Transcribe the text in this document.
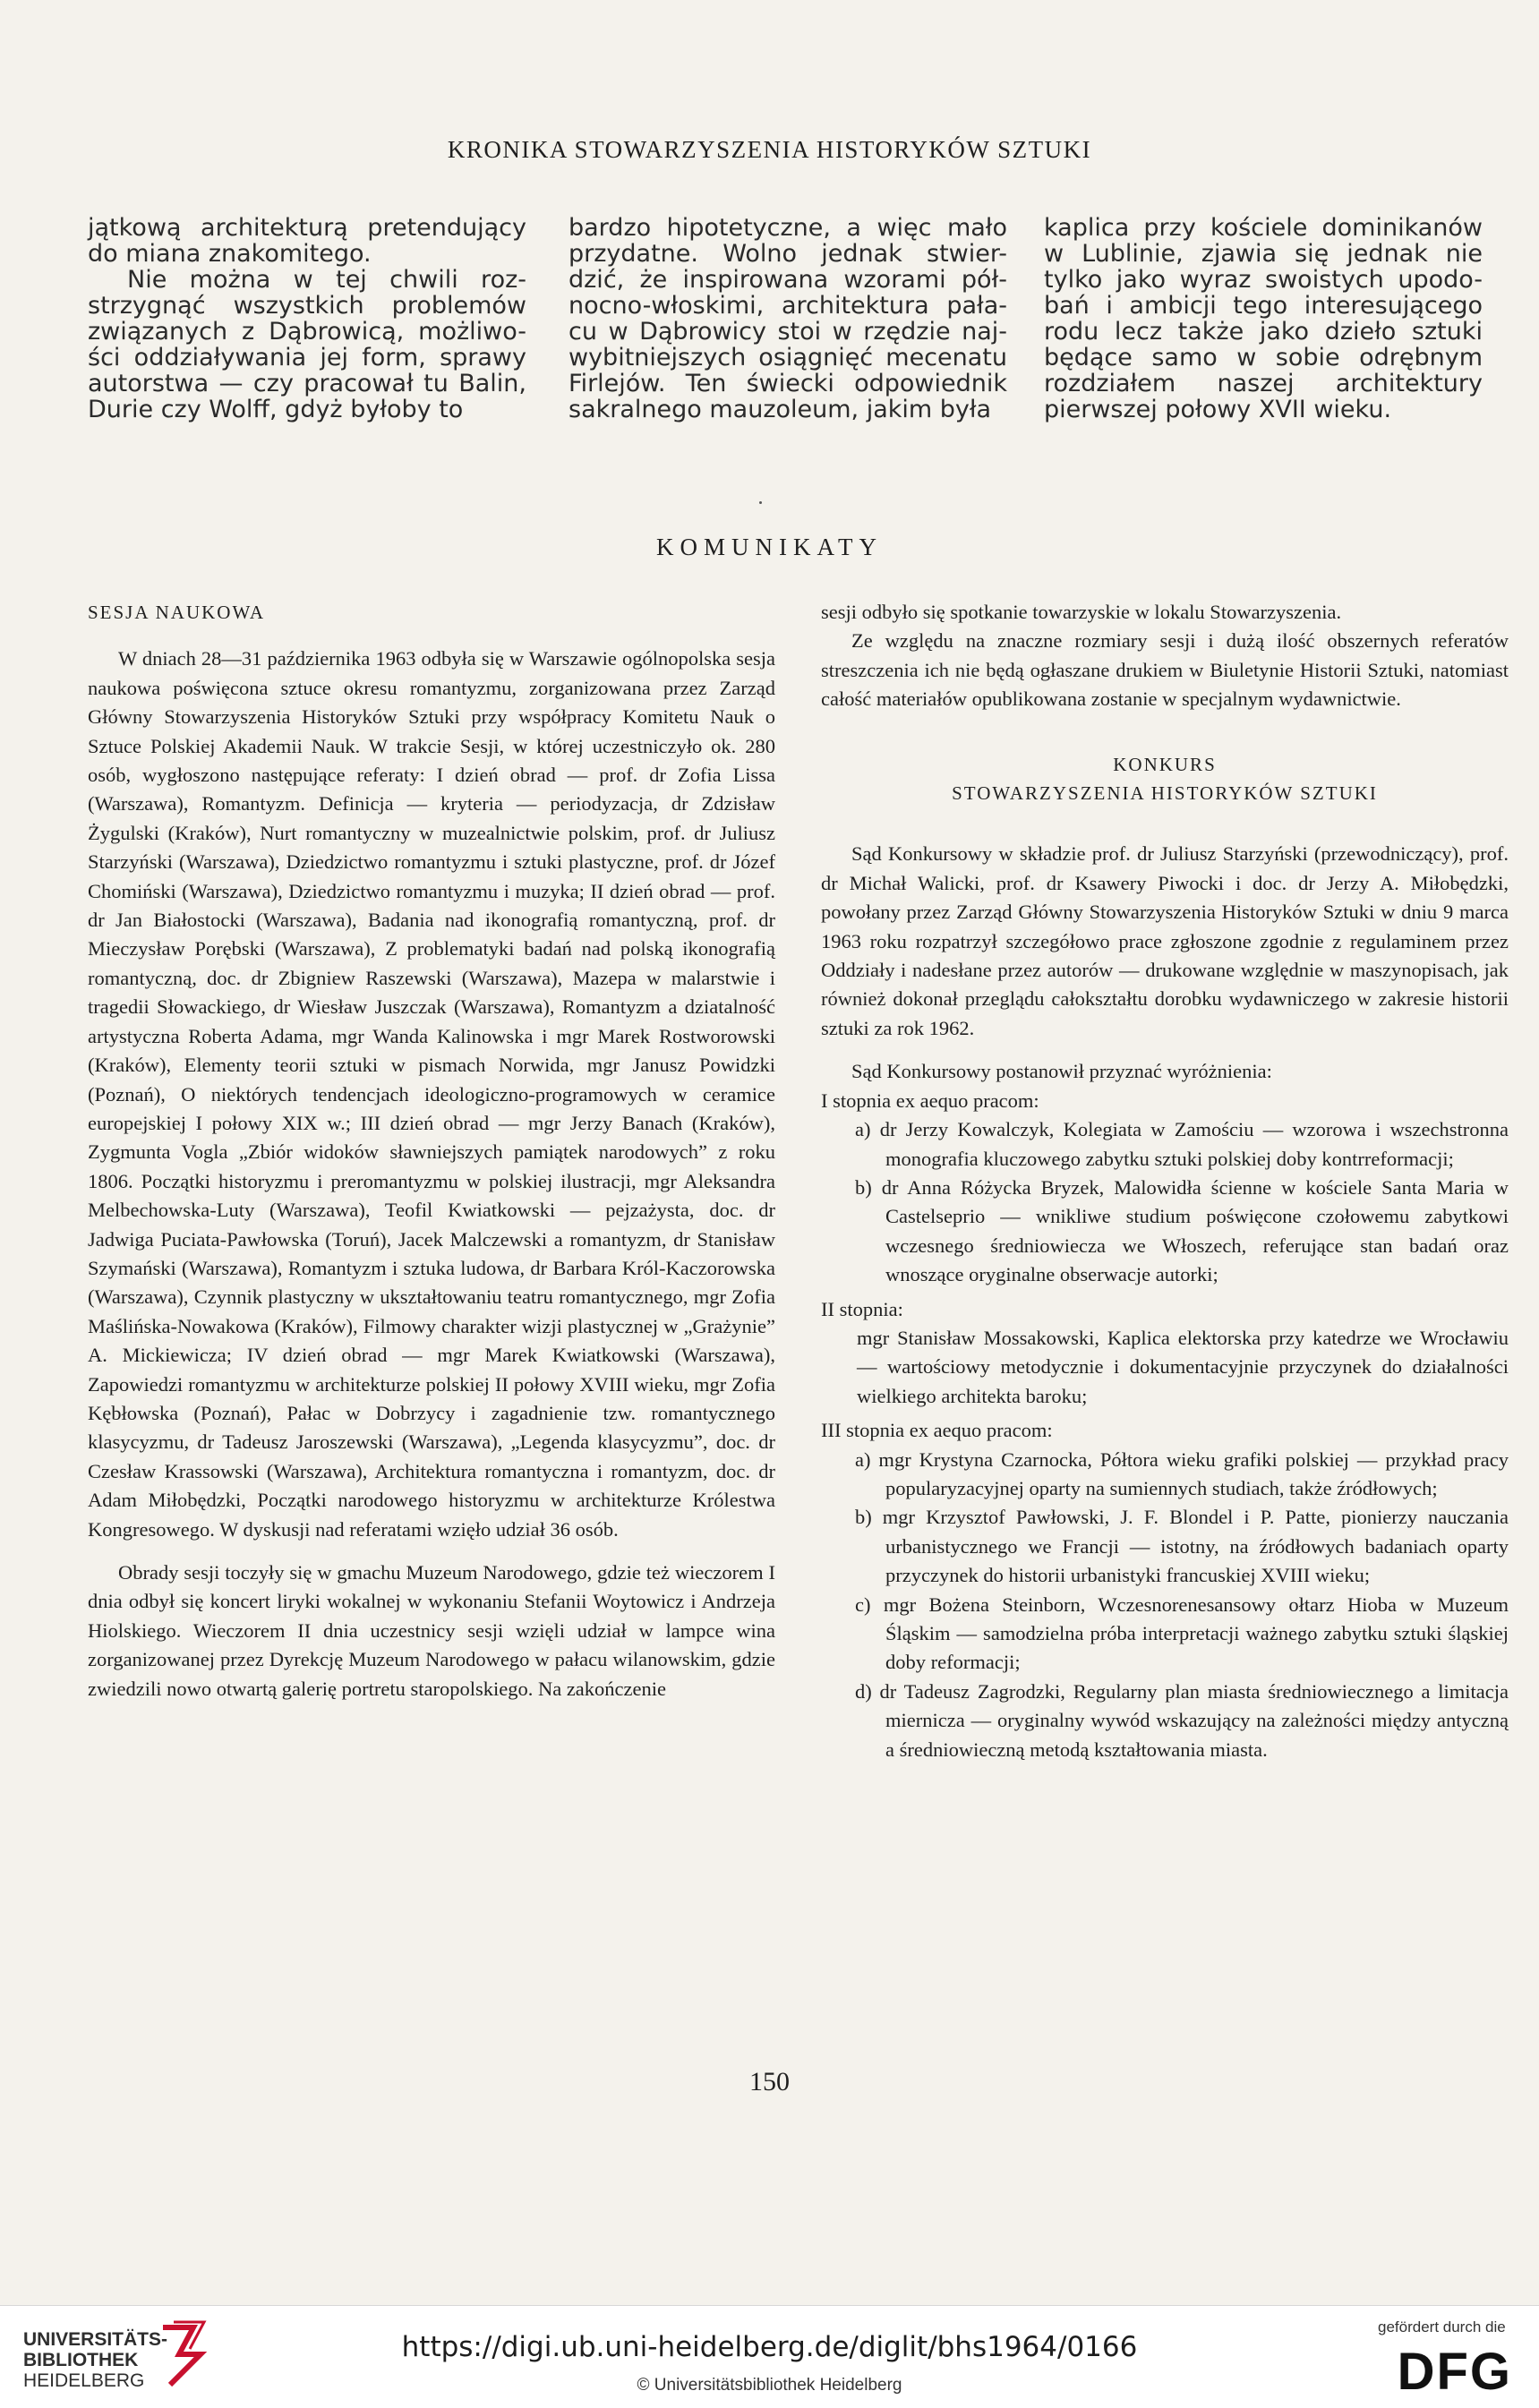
KRONIKA STOWARZYSZENIA HISTORYKÓW SZTUKI

jątkową architekturą pretendujący do miana znakomitego.

Nie można w tej chwili roz-strzygnąć wszystkich problemów związanych z Dąbrowicą, możliwo-ści oddziaływania jej form, sprawy autorstwa — czy pracował tu Balin, Durie czy Wolff, gdyż byłoby to

bardzo hipotetyczne, a więc mało przydatne. Wolno jednak stwier-dzić, że inspirowana wzorami pół-nocno-włoskimi, architektura pała-cu w Dąbrowicy stoi w rzędzie naj-wybitniejszych osiągnięć mecenatu Firlejów. Ten świecki odpowiednik sakralnego mauzoleum, jakim była

kaplica przy kościele dominikanów w Lublinie, zjawia się jednak nie tylko jako wyraz swoistych upodo-bań i ambicji tego interesującego rodu lecz także jako dzieło sztuki będące samo w sobie odrębnym rozdziałem naszej architektury pierwszej połowy XVII wieku.

KOMUNIKATY

SESJA NAUKOWA

W dniach 28—31 października 1963 odbyła się w Warszawie ogólnopolska sesja naukowa poświęcona sztuce okresu romantyzmu, zorganizowana przez Zarząd Główny Stowarzyszenia Historyków Sztuki przy współpracy Komitetu Nauk o Sztuce Polskiej Akademii Nauk. W trakcie Sesji, w której uczestniczyło ok. 280 osób, wygłoszono następujące referaty: I dzień obrad — prof. dr Zofia Lissa (Warszawa), Romantyzm. Definicja — kryteria — periodyzacja, dr Zdzisław Żygulski (Kraków), Nurt romantyczny w muzealnictwie polskim, prof. dr Juliusz Starzyński (Warszawa), Dziedzictwo romantyzmu i sztuki plastyczne, prof. dr Józef Chomiński (Warszawa), Dziedzictwo romantyzmu i muzyka; II dzień obrad — prof. dr Jan Białostocki (Warszawa), Badania nad ikonografią romantyczną, prof. dr Mieczysław Porębski (Warszawa), Z problematyki badań nad polską ikonografią romantyczną, doc. dr Zbigniew Raszewski (Warszawa), Mazepa w malarstwie i tragedii Słowackiego, dr Wiesław Juszczak (Warszawa), Romantyzm a dziatalność artystyczna Roberta Adama, mgr Wanda Kalinowska i mgr Marek Rostworowski (Kraków), Elementy teorii sztuki w pismach Norwida, mgr Janusz Powidzki (Poznań), O niektórych tendencjach ideologiczno-programowych w ceramice europejskiej I połowy XIX w.; III dzień obrad — mgr Jerzy Banach (Kraków), Zygmunta Vogla „Zbiór widoków sławniejszych pamiątek narodowych” z roku 1806. Początki historyzmu i preromantyzmu w polskiej ilustracji, mgr Aleksandra Melbechowska-Luty (Warszawa), Teofil Kwiatkowski — pejzażysta, doc. dr Jadwiga Puciata-Pawłowska (Toruń), Jacek Malczewski a romantyzm, dr Stanisław Szymański (Warszawa), Romantyzm i sztuka ludowa, dr Barbara Król-Kaczorowska (Warszawa), Czynnik plastyczny w ukształtowaniu teatru romantycznego, mgr Zofia Maślińska-Nowakowa (Kraków), Filmowy charakter wizji plastycznej w „Grażynie” A. Mickiewicza; IV dzień obrad — mgr Marek Kwiatkowski (Warszawa), Zapowiedzi romantyzmu w architekturze polskiej II połowy XVIII wieku, mgr Zofia Kębłowska (Poznań), Pałac w Dobrzycy i zagadnienie tzw. romantycznego klasycyzmu, dr Tadeusz Jaroszewski (Warszawa), „Legenda klasycyzmu”, doc. dr Czesław Krassowski (Warszawa), Architektura romantyczna i romantyzm, doc. dr Adam Miłobędzki, Początki narodowego historyzmu w architekturze Królestwa Kongresowego. W dyskusji nad referatami wzięło udział 36 osób.

Obrady sesji toczyły się w gmachu Muzeum Narodowego, gdzie też wieczorem I dnia odbył się koncert liryki wokalnej w wykonaniu Stefanii Woytowicz i Andrzeja Hiolskiego. Wieczorem II dnia uczestnicy sesji wzięli udział w lampce wina zorganizowanej przez Dyrekcję Muzeum Narodowego w pałacu wilanowskim, gdzie zwiedzili nowo otwartą galerię portretu staropolskiego. Na zakończenie

sesji odbyło się spotkanie towarzyskie w lokalu Stowarzyszenia.

Ze względu na znaczne rozmiary sesji i dużą ilość obszernych referatów streszczenia ich nie będą ogłaszane drukiem w Biuletynie Historii Sztuki, natomiast całość materiałów opublikowana zostanie w specjalnym wydawnictwie.

KONKURS

STOWARZYSZENIA HISTORYKÓW SZTUKI

Sąd Konkursowy w składzie prof. dr Juliusz Starzyński (przewodniczący), prof. dr Michał Walicki, prof. dr Ksawery Piwocki i doc. dr Jerzy A. Miłobędzki, powołany przez Zarząd Główny Stowarzyszenia Historyków Sztuki w dniu 9 marca 1963 roku rozpatrzył szczegółowo prace zgłoszone zgodnie z regulaminem przez Oddziały i nadesłane przez autorów — drukowane względnie w maszynopisach, jak również dokonał przeglądu całokształtu dorobku wydawniczego w zakresie historii sztuki za rok 1962.

Sąd Konkursowy postanowił przyznać wyróżnienia:

I stopnia ex aequo pracom:

a) dr Jerzy Kowalczyk, Kolegiata w Zamościu — wzorowa i wszechstronna monografia kluczowego zabytku sztuki polskiej doby kontrreformacji;

b) dr Anna Różycka Bryzek, Malowidła ścienne w kościele Santa Maria w Castelseprio — wnikliwe studium poświęcone czołowemu zabytkowi wczesnego średniowiecza we Włoszech, referujące stan badań oraz wnoszące oryginalne obserwacje autorki;

II stopnia:

mgr Stanisław Mossakowski, Kaplica elektorska przy katedrze we Wrocławiu — wartościowy metodycznie i dokumentacyjnie przyczynek do działalności wielkiego architekta baroku;

III stopnia ex aequo pracom:

a) mgr Krystyna Czarnocka, Półtora wieku grafiki polskiej — przykład pracy popularyzacyjnej oparty na sumiennych studiach, także źródłowych;

b) mgr Krzysztof Pawłowski, J. F. Blondel i P. Patte, pionierzy nauczania urbanistycznego we Francji — istotny, na źródłowych badaniach oparty przyczynek do historii urbanistyki francuskiej XVIII wieku;

c) mgr Bożena Steinborn, Wczesnorenesansowy ołtarz Hioba w Muzeum Śląskim — samodzielna próba interpretacji ważnego zabytku sztuki śląskiej doby reformacji;

d) dr Tadeusz Zagrodzki, Regularny plan miasta średniowiecznego a limitacja miernicza — oryginalny wywód wskazujący na zależności między antyczną a średniowieczną metodą kształtowania miasta.

150
UNIVERSITÄTS-
BIBLIOTHEK
HEIDELBERG
https://digi.ub.uni-heidelberg.de/diglit/bhs1964/0166
© Universitätsbibliothek Heidelberg
gefördert durch die
DFG
